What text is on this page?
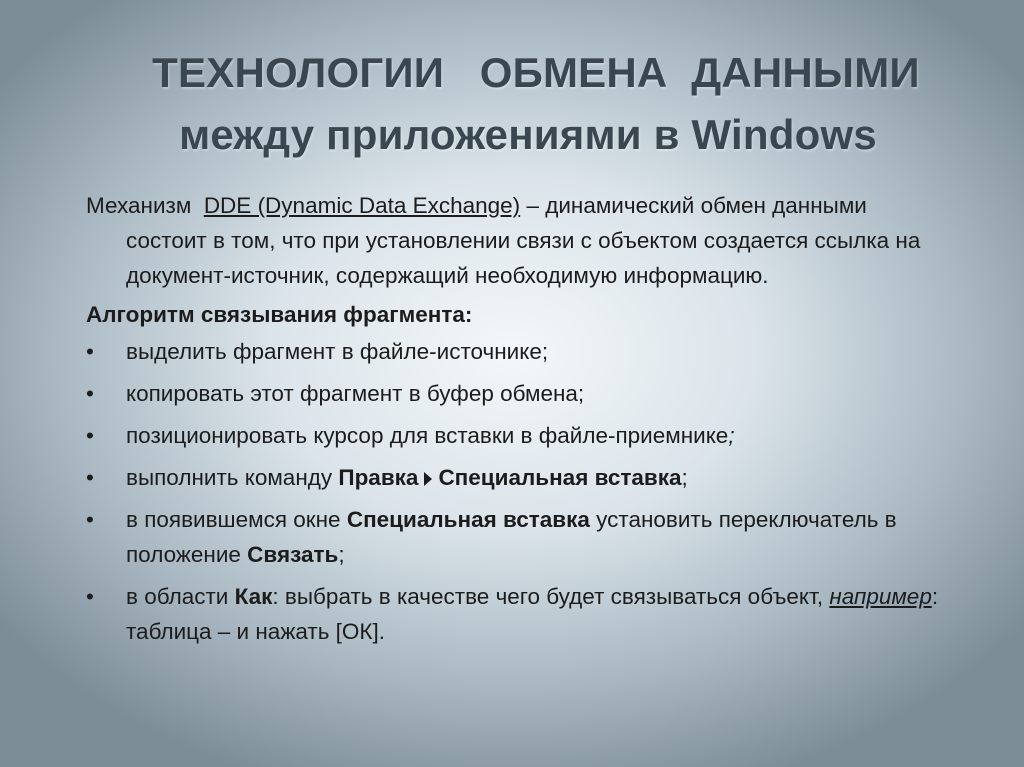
ТЕХНОЛОГИИ   ОБМЕНА  ДАННЫМИ
между приложениями в Windows

Механизм  DDE (Dynamic Data Exchange) – динамический обмен данными состоит в том, что при установлении связи с объектом создается ссылка на документ-источник, содержащий необходимую информацию.

Алгоритм связывания фрагмента:

•	выделить фрагмент в файле-источнике;
•	копировать этот фрагмент в буфер обмена;
•	позиционировать курсор для вставки в файле-приемнике;
•	выполнить команду Правка Специальная вставка;
•	в появившемся окне Специальная вставка установить переключатель в положение Связать;
•	в области Как: выбрать в качестве чего будет связываться объект, например: таблица – и нажать [ОК].
